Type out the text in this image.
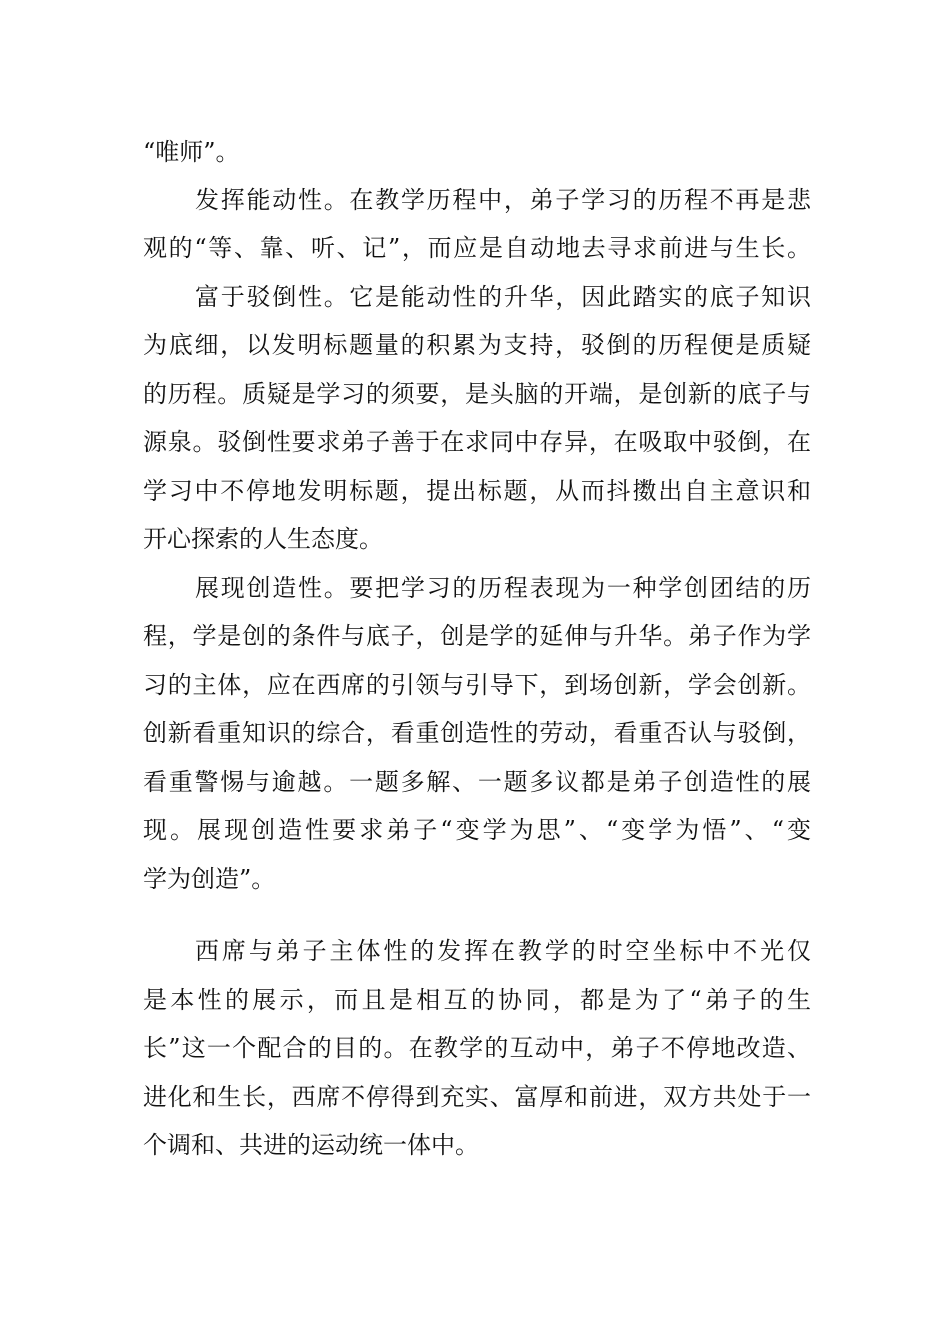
“唯师”。
发挥能动性。在教学历程中，弟子学习的历程不再是悲
观的“等、靠、听、记”，而应是自动地去寻求前进与生长。
富于驳倒性。它是能动性的升华，因此踏实的底子知识
为底细，以发明标题量的积累为支持，驳倒的历程便是质疑
的历程。质疑是学习的须要，是头脑的开端，是创新的底子与
源泉。驳倒性要求弟子善于在求同中存异，在吸取中驳倒，在
学习中不停地发明标题，提出标题，从而抖擞出自主意识和
开心探索的人生态度。
展现创造性。要把学习的历程表现为一种学创团结的历
程，学是创的条件与底子，创是学的延伸与升华。弟子作为学
习的主体，应在西席的引领与引导下，到场创新，学会创新。
创新看重知识的综合，看重创造性的劳动，看重否认与驳倒，
看重警惕与逾越。一题多解、一题多议都是弟子创造性的展
现。展现创造性要求弟子“变学为思”、“变学为悟”、“变
学为创造”。
西席与弟子主体性的发挥在教学的时空坐标中不光仅
是本性的展示，而且是相互的协同，都是为了“弟子的生
长”这一个配合的目的。在教学的互动中，弟子不停地改造、
进化和生长，西席不停得到充实、富厚和前进，双方共处于一
个调和、共进的运动统一体中。
